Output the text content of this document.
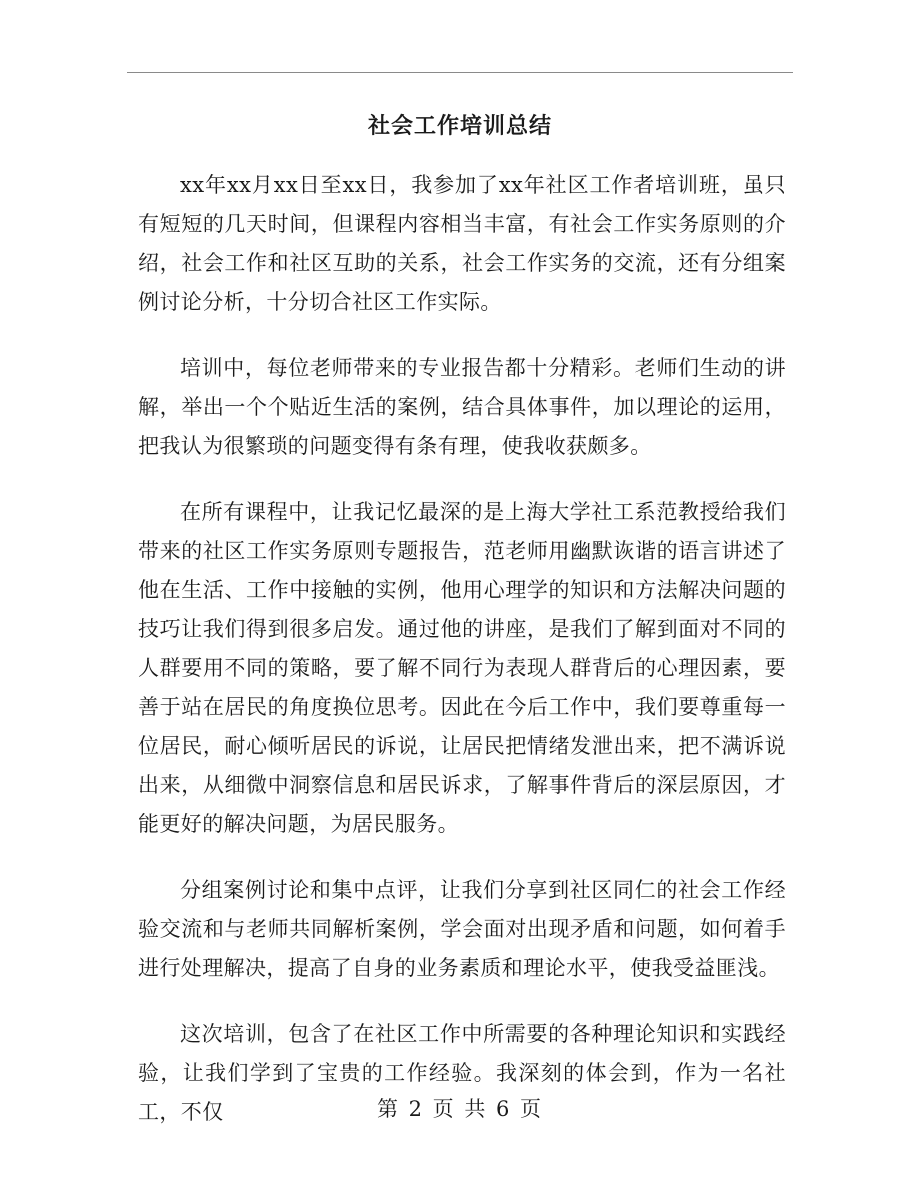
社会工作培训总结

xx年xx月xx日至xx日，我参加了xx年社区工作者培训班，虽只有短短的几天时间，但课程内容相当丰富，有社会工作实务原则的介绍，社会工作和社区互助的关系，社会工作实务的交流，还有分组案例讨论分析，十分切合社区工作实际。

培训中，每位老师带来的专业报告都十分精彩。老师们生动的讲解，举出一个个贴近生活的案例，结合具体事件，加以理论的运用，把我认为很繁琐的问题变得有条有理，使我收获颇多。

在所有课程中，让我记忆最深的是上海大学社工系范教授给我们带来的社区工作实务原则专题报告，范老师用幽默诙谐的语言讲述了他在生活、工作中接触的实例，他用心理学的知识和方法解决问题的技巧让我们得到很多启发。通过他的讲座，是我们了解到面对不同的人群要用不同的策略，要了解不同行为表现人群背后的心理因素，要善于站在居民的角度换位思考。因此在今后工作中，我们要尊重每一位居民，耐心倾听居民的诉说，让居民把情绪发泄出来，把不满诉说出来，从细微中洞察信息和居民诉求，了解事件背后的深层原因，才能更好的解决问题，为居民服务。

分组案例讨论和集中点评，让我们分享到社区同仁的社会工作经验交流和与老师共同解析案例，学会面对出现矛盾和问题，如何着手进行处理解决，提高了自身的业务素质和理论水平，使我受益匪浅。

这次培训，包含了在社区工作中所需要的各种理论知识和实践经验，让我们学到了宝贵的工作经验。我深刻的体会到，作为一名社工，不仅	第 2 页 共 6 页
